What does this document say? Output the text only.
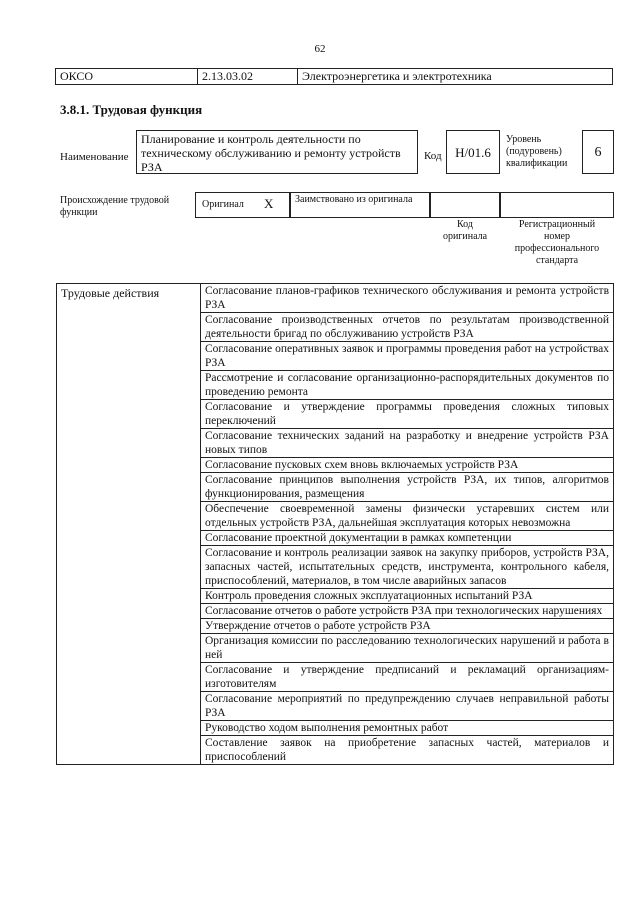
62
ОКСО	2.13.03.02	Электроэнергетика и электротехника
3.8.1. Трудовая функция
Наименование
Планирование и контроль деятельности по техническому обслуживанию и ремонту устройств РЗА
Код	H/01.6
Уровень (подуровень) квалификации
6
Происхождение трудовой функции
Оригинал X	Заимствовано из оригинала
Код оригинала
Регистрационный номер профессионального стандарта
Трудовые действия	Согласование планов-графиков технического обслуживания и ремонта устройств РЗА
Согласование производственных отчетов по результатам производственной деятельности бригад по обслуживанию устройств РЗА
Согласование оперативных заявок и программы проведения работ на устройствах РЗА
Рассмотрение и согласование организационно-распорядительных документов по проведению ремонта
Согласование и утверждение программы проведения сложных типовых переключений
Согласование технических заданий на разработку и внедрение устройств РЗА новых типов
Согласование пусковых схем вновь включаемых устройств РЗА
Согласование принципов выполнения устройств РЗА, их типов, алгоритмов функционирования, размещения
Обеспечение своевременной замены физически устаревших систем или отдельных устройств РЗА, дальнейшая эксплуатация которых невозможна
Согласование проектной документации в рамках компетенции
Согласование и контроль реализации заявок на закупку приборов, устройств РЗА, запасных частей, испытательных средств, инструмента, контрольного кабеля, приспособлений, материалов, в том числе аварийных запасов
Контроль проведения сложных эксплуатационных испытаний РЗА
Согласование отчетов о работе устройств РЗА при технологических нарушениях
Утверждение отчетов о работе устройств РЗА
Организация комиссии по расследованию технологических нарушений и работа в ней
Согласование и утверждение предписаний и рекламаций организациям-изготовителям
Согласование мероприятий по предупреждению случаев неправильной работы РЗА
Руководство ходом выполнения ремонтных работ
Составление заявок на приобретение запасных частей, материалов и приспособлений
